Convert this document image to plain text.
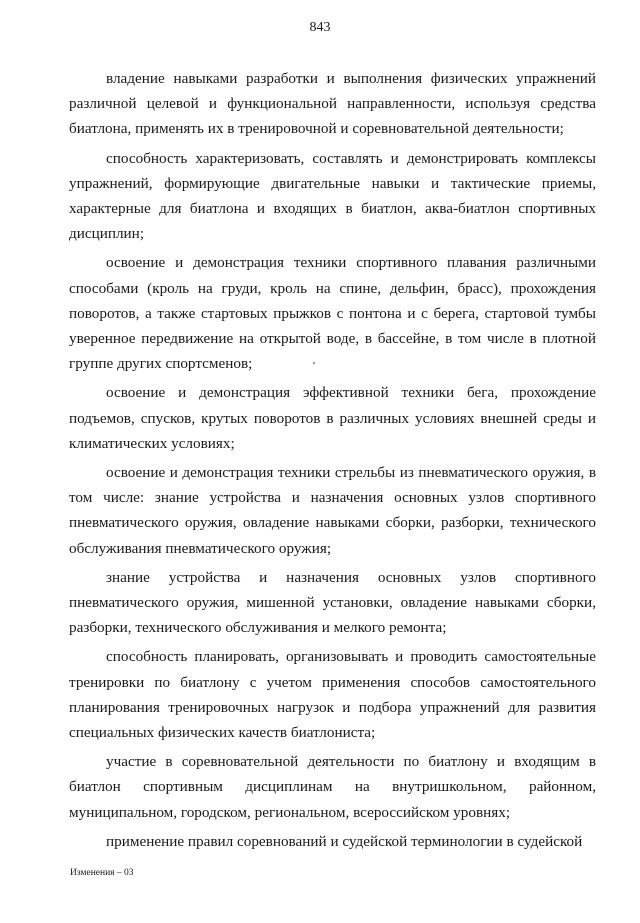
843

владение навыками разработки и выполнения физических упражнений различной целевой и функциональной направленности, используя средства биатлона, применять их в тренировочной и соревновательной деятельности;

способность характеризовать, составлять и демонстрировать комплексы упражнений, формирующие двигательные навыки и тактические приемы, характерные для биатлона и входящих в биатлон, аква-биатлон спортивных дисциплин;

освоение и демонстрация техники спортивного плавания различными способами (кроль на груди, кроль на спине, дельфин, брасс), прохождения поворотов, а также стартовых прыжков с понтона и с берега, стартовой тумбы уверенное передвижение на открытой воде, в бассейне, в том числе в плотной группе других спортсменов;

освоение и демонстрация эффективной техники бега, прохождение подъемов, спусков, крутых поворотов в различных условиях внешней среды и климатических условиях;

освоение и демонстрация техники стрельбы из пневматического оружия, в том числе: знание устройства и назначения основных узлов спортивного пневматического оружия, овладение навыками сборки, разборки, технического обслуживания пневматического оружия;

знание устройства и назначения основных узлов спортивного пневматического оружия, мишенной установки, овладение навыками сборки, разборки, технического обслуживания и мелкого ремонта;

способность планировать, организовывать и проводить самостоятельные тренировки по биатлону с учетом применения способов самостоятельного планирования тренировочных нагрузок и подбора упражнений для развития специальных физических качеств биатлониста;

участие в соревновательной деятельности по биатлону и входящим в биатлон спортивным дисциплинам на внутришкольном, районном, муниципальном, городском, региональном, всероссийском уровнях;

применение правил соревнований и судейской терминологии в судейской

Изменения – 03
